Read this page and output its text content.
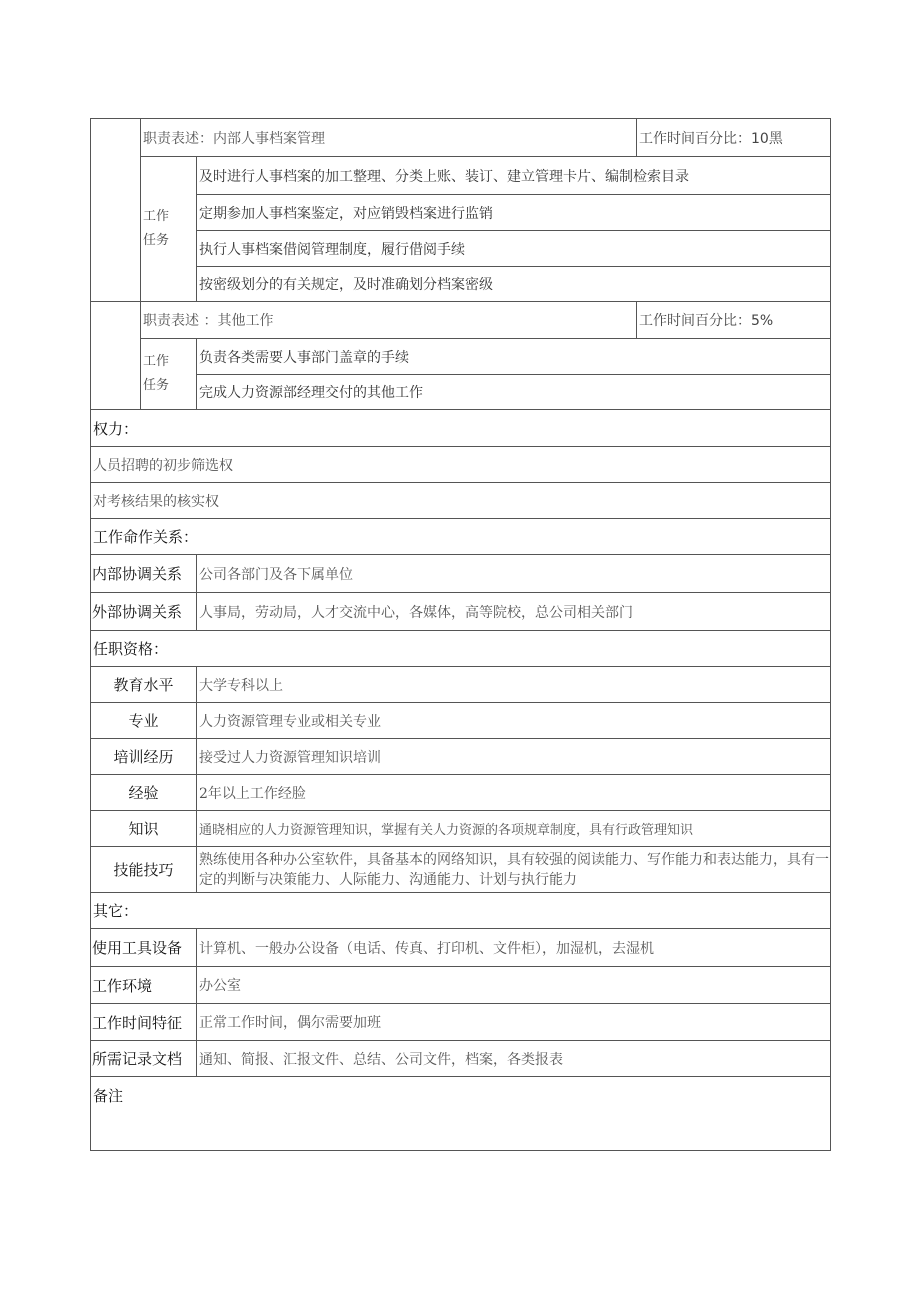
	职责表述：内部人事档案管理		工作时间百分比：10黑

	工作
任务	及时进行人事档案的加工整理、分类上账、装订、建立管理卡片、编制检索目录	
		定期参加人事档案鉴定，对应销毁档案进行监销	
		执行人事档案借阅管理制度，履行借阅手续	
		按密级划分的有关规定，及时准确划分档案密级	
	职责表述 ：其他工作		工作时间百分比：5%

	工作
任务	负责各类需要人事部门盖章的手续	
		完成人力资源部经理交付的其他工作	
权力：			
人员招聘的初步筛选权			
对考核结果的核实权			
工作命作关系：			
内部协调关系		公司各部门及各下属单位	
外部协调关系		人事局，劳动局，人才交流中心，各媒体，高等院校，总公司相关部门	
任职资格：			
教育水平		大学专科以上	
专业		人力资源管理专业或相关专业	
培训经历		接受过人力资源管理知识培训	
经验		2年以上工作经脸	
知识		通晓相应的人力资源管理知识，掌握有关人力资源的各项规章制度，具有行政管理知识	
技能技巧		熟练使用各种办公室软件，具备基本的网络知识，具有较强的阅读能力、写作能力和表达能力，具有一定的判断与决策能力、人际能力、沟通能力、计划与执行能力	
其它：			
使用工具设备		计算机、一般办公设备（电话、传真、打印机、文件柜），加湿机，去湿机	
工作环境		办公室	
工作时间特征		正常工作时间，偶尔需要加班	
所需记录文档		通知、简报、汇报文件、总结、公司文件，档案，各类报表	
备注			
